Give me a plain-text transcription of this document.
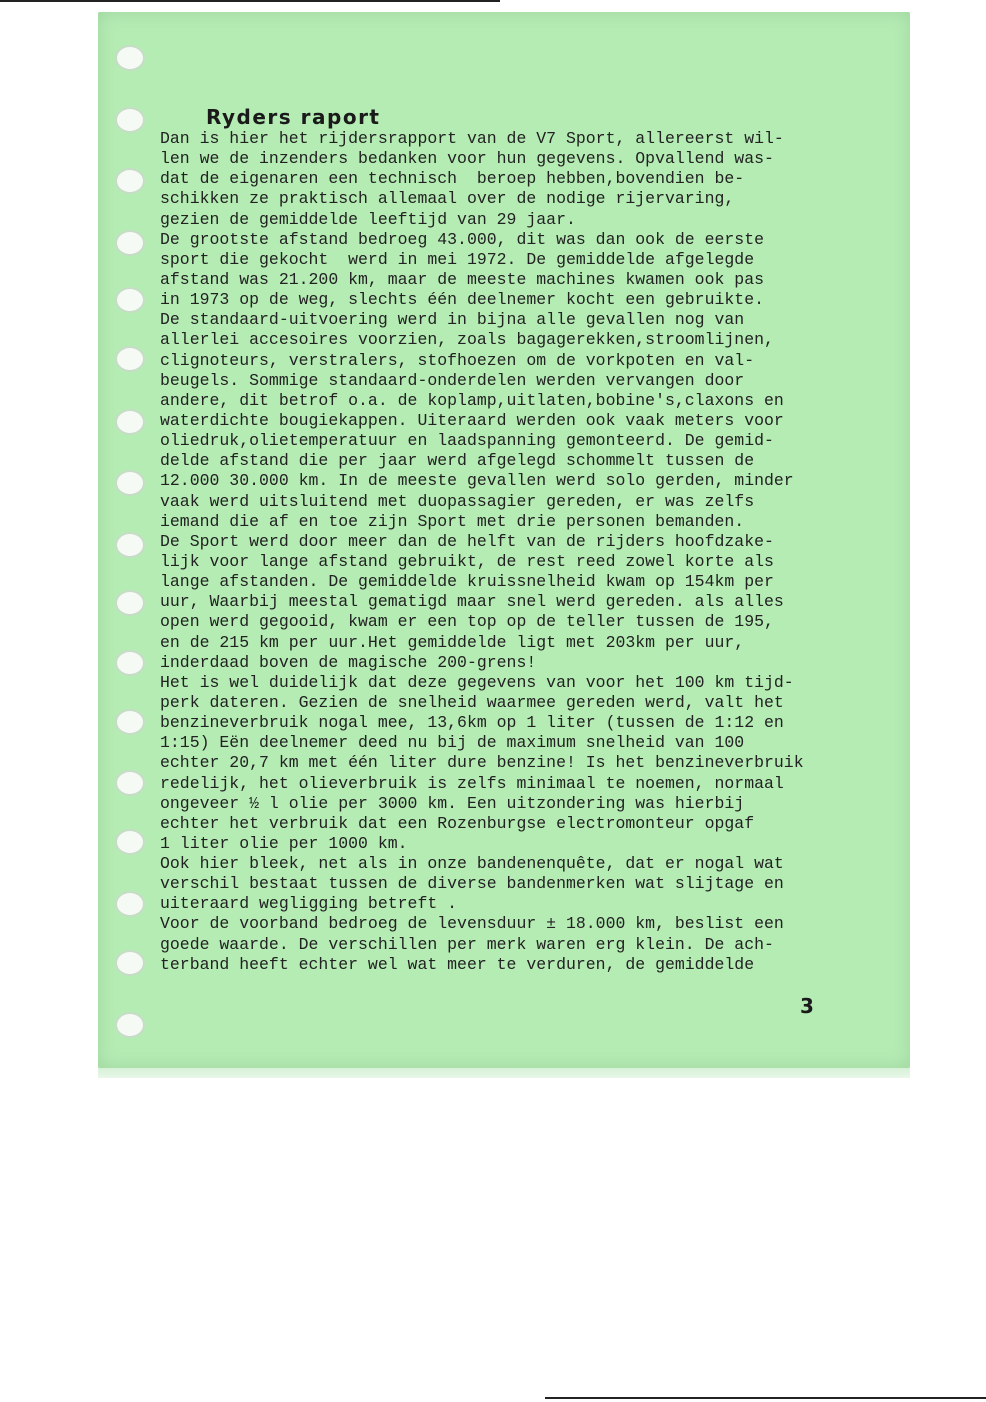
Ryders raport
Dan is hier het rijdersrapport van de V7 Sport, allereerst wil-
len we de inzenders bedanken voor hun gegevens. Opvallend was-
dat de eigenaren een technisch  beroep hebben,bovendien be-
schikken ze praktisch allemaal over de nodige rijervaring,
gezien de gemiddelde leeftijd van 29 jaar.
De grootste afstand bedroeg 43.000, dit was dan ook de eerste
sport die gekocht  werd in mei 1972. De gemiddelde afgelegde
afstand was 21.200 km, maar de meeste machines kwamen ook pas
in 1973 op de weg, slechts één deelnemer kocht een gebruikte.
De standaard-uitvoering werd in bijna alle gevallen nog van
allerlei accesoires voorzien, zoals bagagerekken,stroomlijnen,
clignoteurs, verstralers, stofhoezen om de vorkpoten en val-
beugels. Sommige standaard-onderdelen werden vervangen door
andere, dit betrof o.a. de koplamp,uitlaten,bobine's,claxons en
waterdichte bougiekappen. Uiteraard werden ook vaak meters voor
oliedruk,olietemperatuur en laadspanning gemonteerd. De gemid-
delde afstand die per jaar werd afgelegd schommelt tussen de
12.000 30.000 km. In de meeste gevallen werd solo gerden, minder
vaak werd uitsluitend met duopassagier gereden, er was zelfs
iemand die af en toe zijn Sport met drie personen bemanden.
De Sport werd door meer dan de helft van de rijders hoofdzake-
lijk voor lange afstand gebruikt, de rest reed zowel korte als
lange afstanden. De gemiddelde kruissnelheid kwam op 154km per
uur, Waarbij meestal gematigd maar snel werd gereden. als alles
open werd gegooid, kwam er een top op de teller tussen de 195,
en de 215 km per uur.Het gemiddelde ligt met 203km per uur,
inderdaad boven de magische 200-grens!
Het is wel duidelijk dat deze gegevens van voor het 100 km tijd-
perk dateren. Gezien de snelheid waarmee gereden werd, valt het
benzineverbruik nogal mee, 13,6km op 1 liter (tussen de 1:12 en
1:15) Eën deelnemer deed nu bij de maximum snelheid van 100
echter 20,7 km met één liter dure benzine! Is het benzineverbruik
redelijk, het olieverbruik is zelfs minimaal te noemen, normaal
ongeveer ½ l olie per 3000 km. Een uitzondering was hierbij
echter het verbruik dat een Rozenburgse electromonteur opgaf
1 liter olie per 1000 km.
Ook hier bleek, net als in onze bandenenquête, dat er nogal wat
verschil bestaat tussen de diverse bandenmerken wat slijtage en
uiteraard wegligging betreft .
Voor de voorband bedroeg de levensduur ± 18.000 km, beslist een
goede waarde. De verschillen per merk waren erg klein. De ach-
terband heeft echter wel wat meer te verduren, de gemiddelde
3
